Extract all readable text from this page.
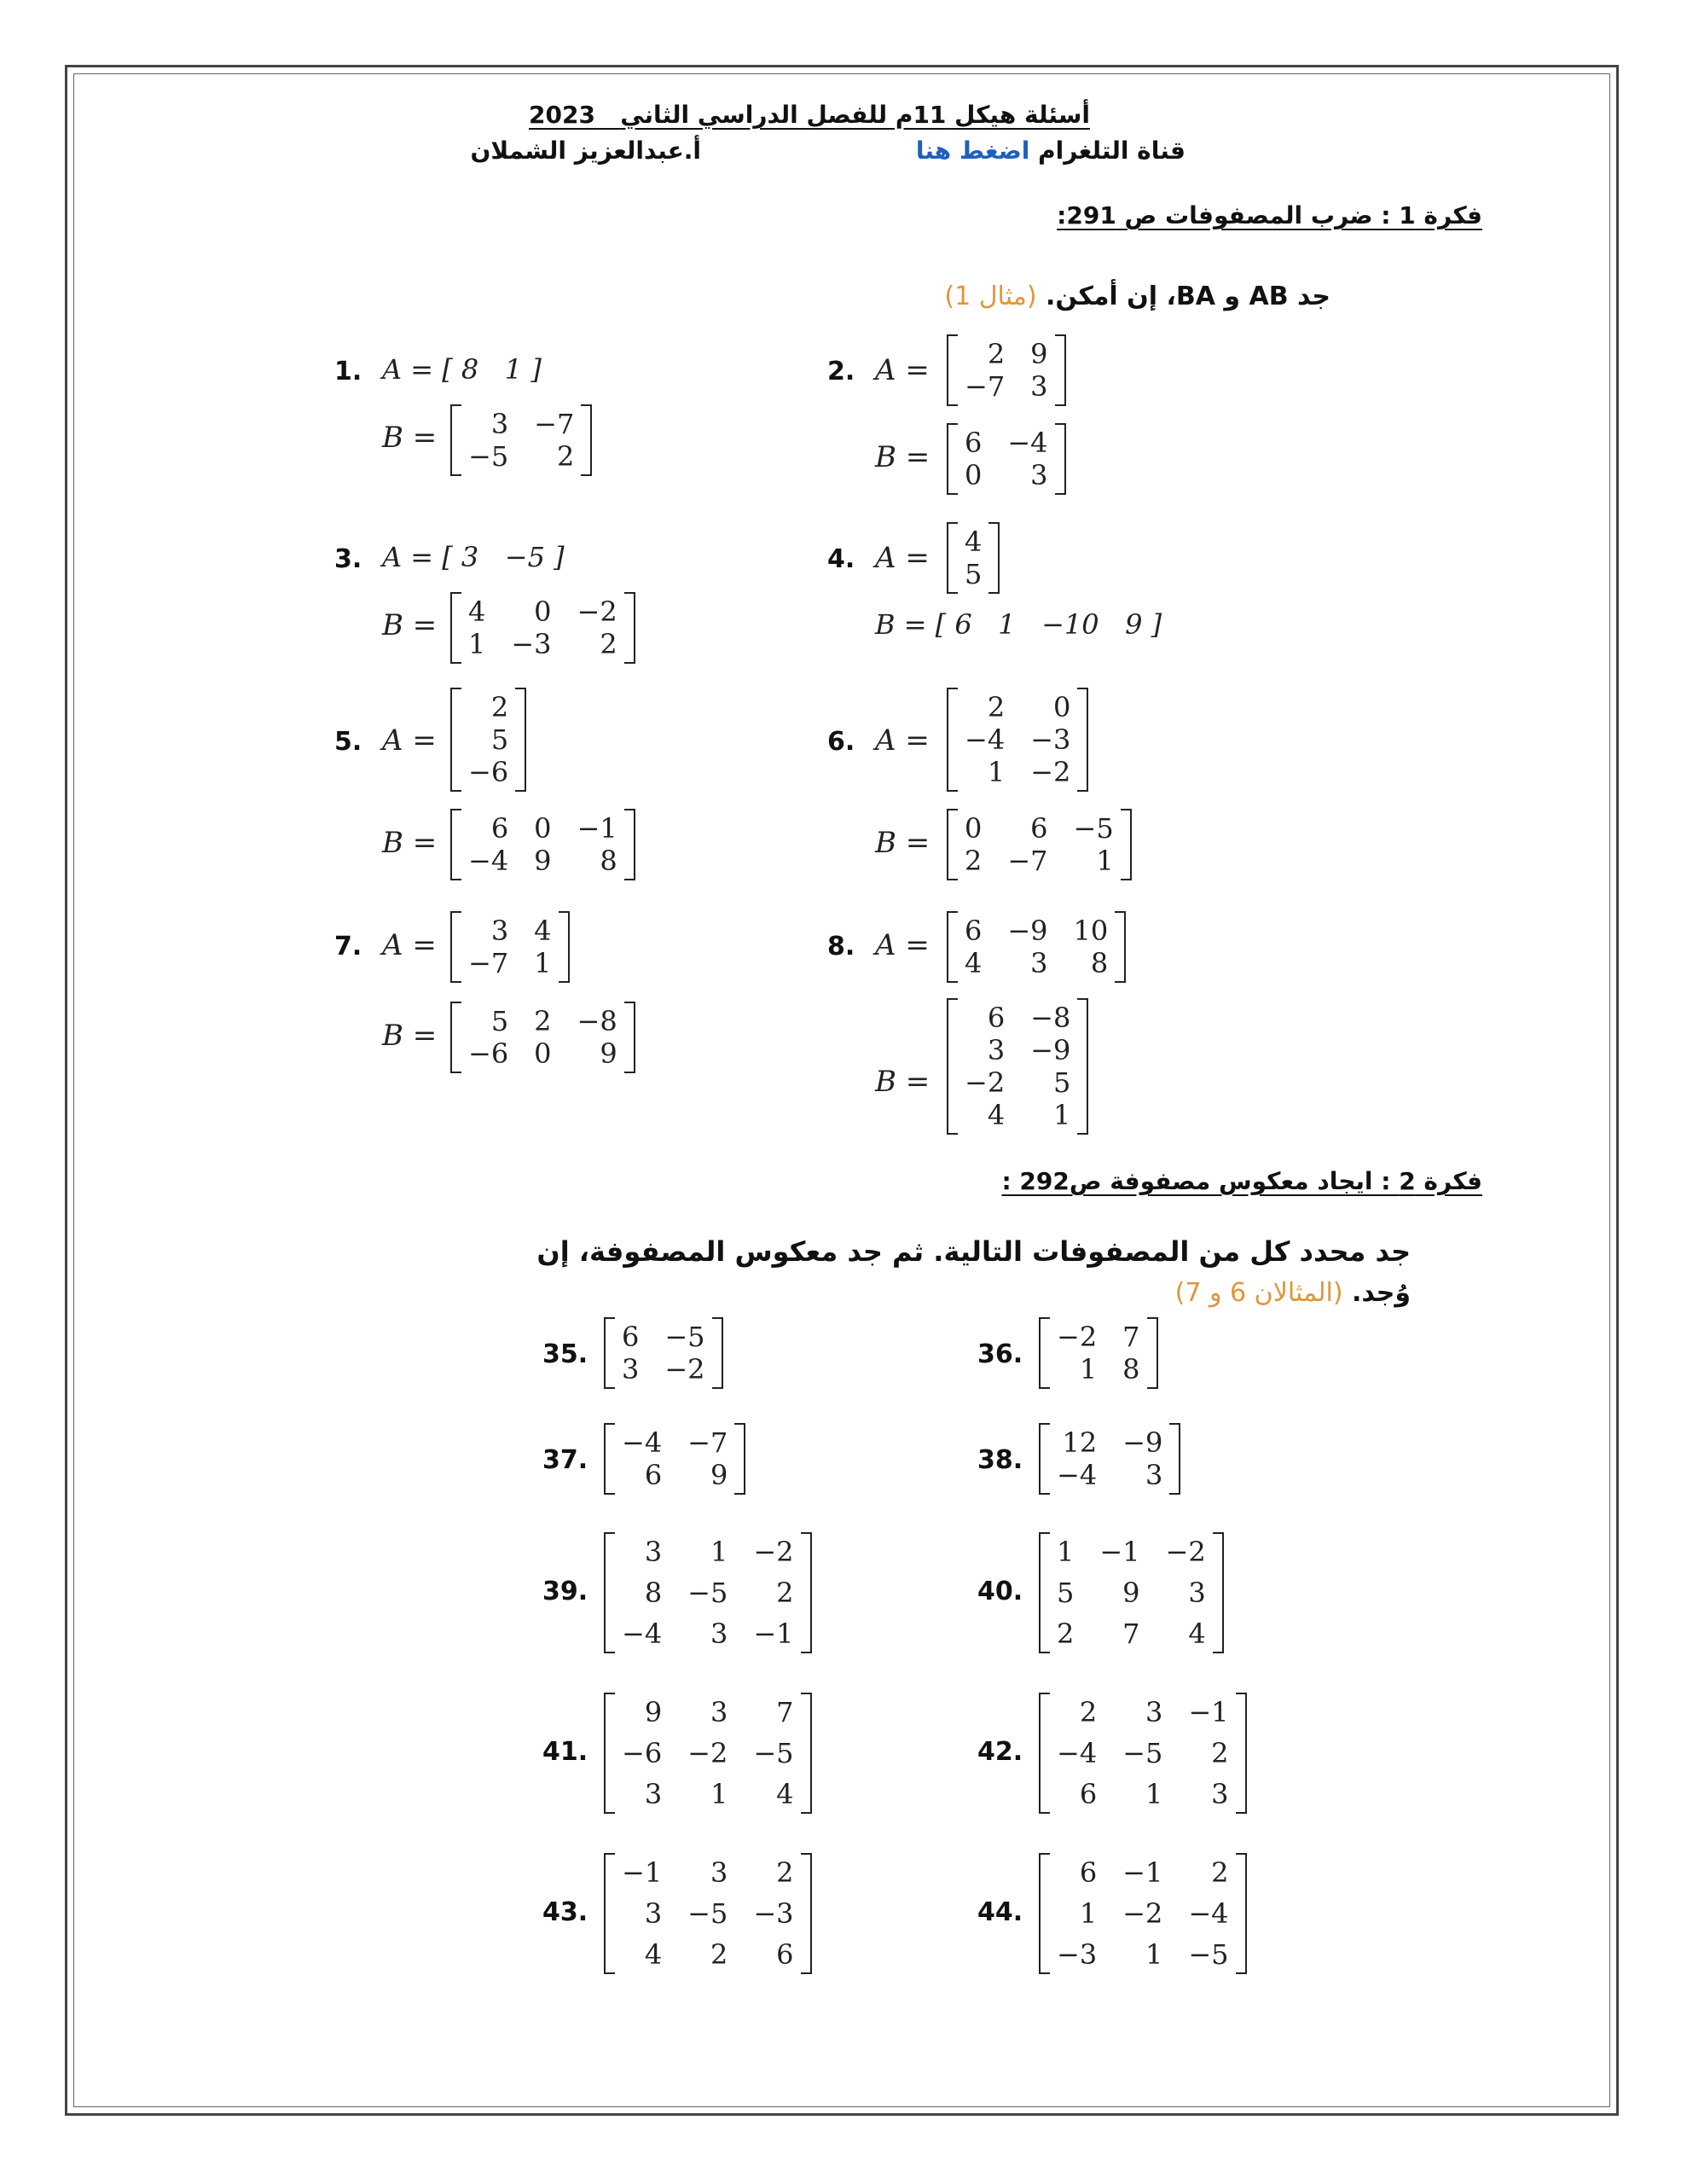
أسئلة هيكل 11م للفصل الدراسي الثاني   2023
قناة التلغرام اضغط هنا
أ.عبدالعزيز الشملان
فكرة 1 : ضرب المصفوفات ص 291:
جد AB و BA، إن أمكن. (مثال 1)
1. A = [ 8   1 ]
B =	3 −7
−5	2
2. A =	2 9
−7 3
B = 6 −4
0	3
3. A = [ 3   −5 ]
B = 4	0 −2
1 −3	2
4. A = 4
5
B = [ 6   1   −10   9 ]
5. A =
2
5
−6
B =	6 0 −1
−4 9	8
6. A =
2	0
−4 −3
1 −2
B = 0	6 −5
2 −7	1
7. A =	3 4
−7 1
B =	5 2 −8
−6 0	9
8. A = 6 −9 10
4	3	8
B =
6 −8
3 −9
−2	5
4	1
فكرة 2 : ايجاد معكوس مصفوفة ص292 :
جد محدد كل من المصفوفات التالية. ثم جد معكوس المصفوفة، إن
وُجد. (المثالان 6 و 7)
35.
6 −5
3 −2	36.
−2 7
1 8
37.
−4 −7
6	9	38.
12 −9
−4	3
39.
3	1 −2
8 −5	2
−4	3 −1
40.
1 −1 −2
5	9	3
2	7	4
41.
9	3	7
−6 −2 −5
3	1	4
42.
2	3 −1
−4 −5	2
6	1	3
43.
−1	3	2
3 −5 −3
4	2	6
44.
6 −1	2
1 −2 −4
−3	1 −5
